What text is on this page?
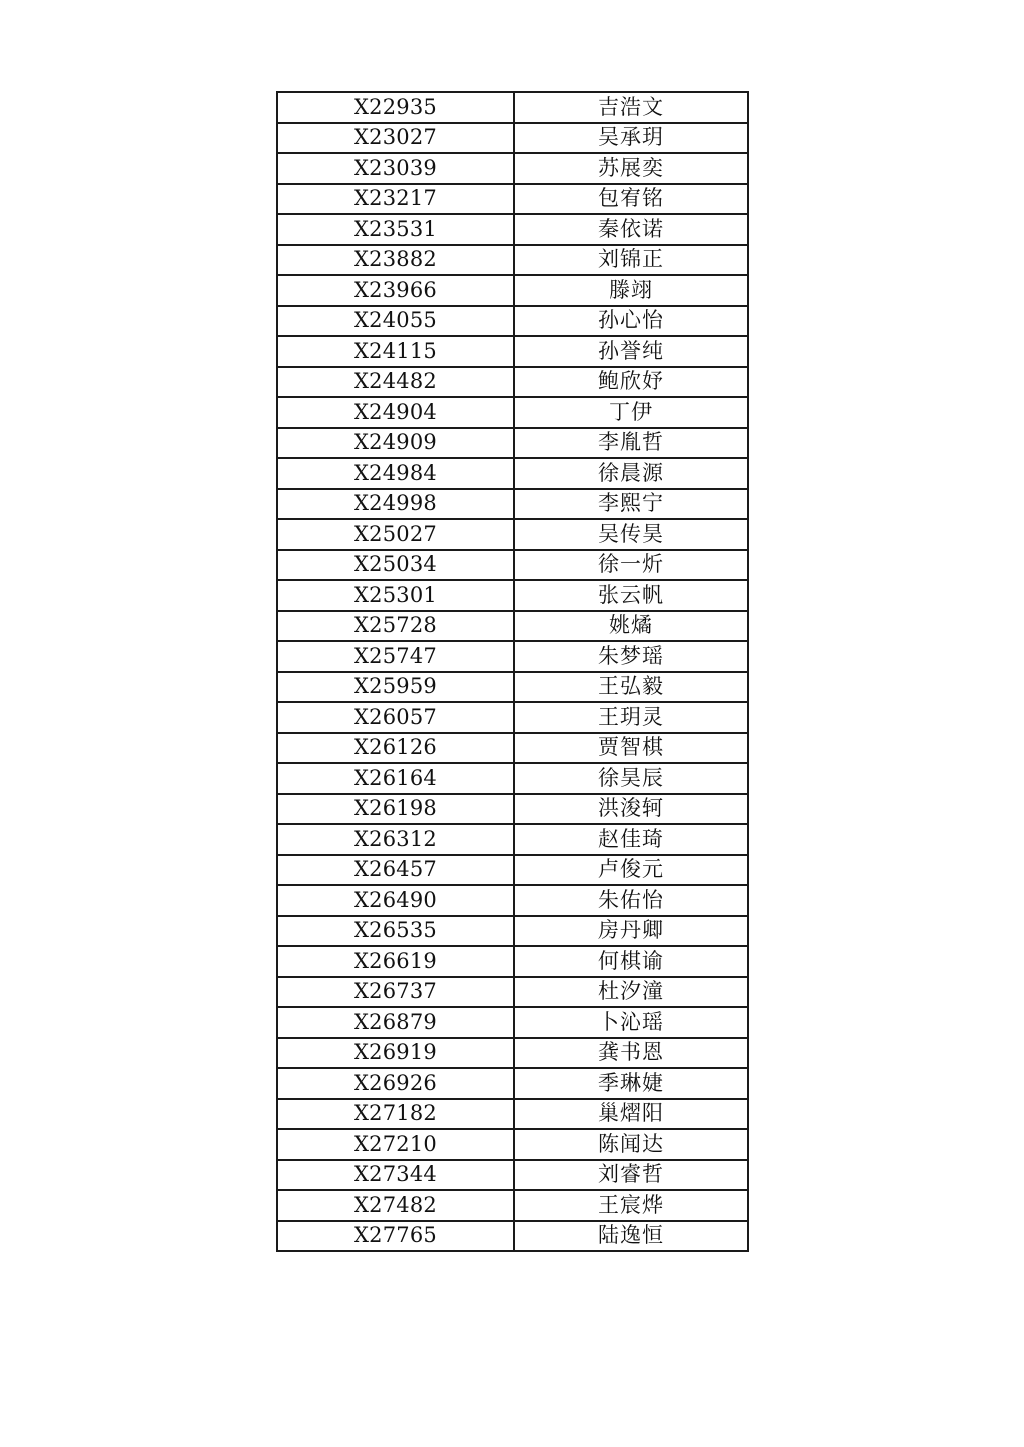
X22935	吉浩文
X23027	吴承玥
X23039	苏展奕
X23217	包宥铭
X23531	秦依诺
X23882	刘锦正
X23966	滕翊
X24055	孙心怡
X24115	孙誉纯
X24482	鲍欣妤
X24904	丁伊
X24909	李胤哲
X24984	徐晨源
X24998	李熙宁
X25027	吴传昊
X25034	徐一炘
X25301	张云帆
X25728	姚燏
X25747	朱梦瑶
X25959	王弘毅
X26057	王玥灵
X26126	贾智棋
X26164	徐昊辰
X26198	洪浚轲
X26312	赵佳琦
X26457	卢俊元
X26490	朱佑怡
X26535	房丹卿
X26619	何棋谕
X26737	杜汐潼
X26879	卜沁瑶
X26919	龚书恩
X26926	季琳婕
X27182	巢熠阳
X27210	陈闻达
X27344	刘睿哲
X27482	王宸烨
X27765	陆逸恒
